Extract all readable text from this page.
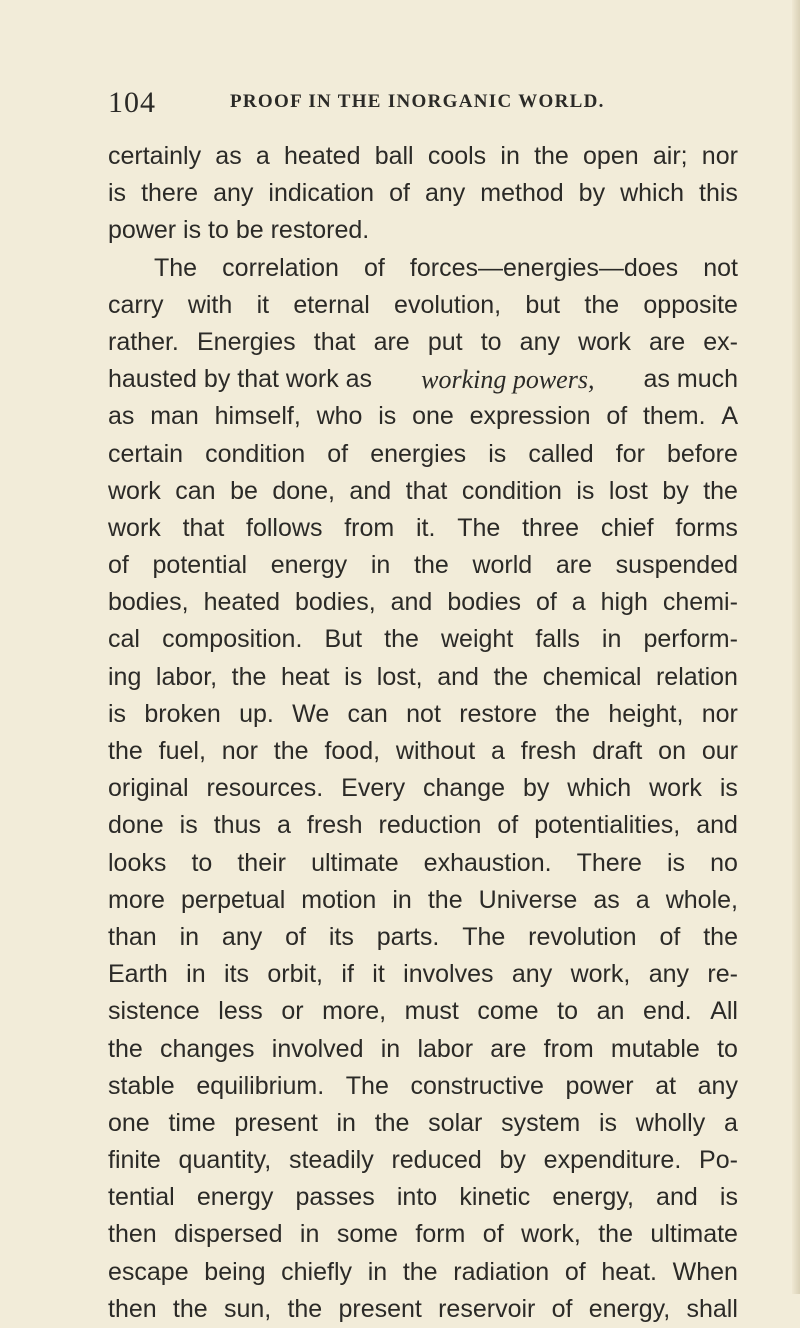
104	PROOF IN THE INORGANIC WORLD.
certainly as a heated ball cools in the open air; nor
is there any indication of any method by which this
power is to be restored.
The correlation of forces—energies—does not
carry with it eternal evolution, but the opposite
rather. Energies that are put to any work are ex-
hausted by that work as working powers, as much
as man himself, who is one expression of them. A
certain condition of energies is called for before
work can be done, and that condition is lost by the
work that follows from it. The three chief forms
of potential energy in the world are suspended
bodies, heated bodies, and bodies of a high chemi-
cal composition. But the weight falls in perform-
ing labor, the heat is lost, and the chemical relation
is broken up. We can not restore the height, nor
the fuel, nor the food, without a fresh draft on our
original resources. Every change by which work is
done is thus a fresh reduction of potentialities, and
looks to their ultimate exhaustion. There is no
more perpetual motion in the Universe as a whole,
than in any of its parts. The revolution of the
Earth in its orbit, if it involves any work, any re-
sistence less or more, must come to an end. All
the changes involved in labor are from mutable to
stable equilibrium. The constructive power at any
one time present in the solar system is wholly a
finite quantity, steadily reduced by expenditure. Po-
tential energy passes into kinetic energy, and is
then dispersed in some form of work, the ultimate
escape being chiefly in the radiation of heat. When
then the sun, the present reservoir of energy, shall
